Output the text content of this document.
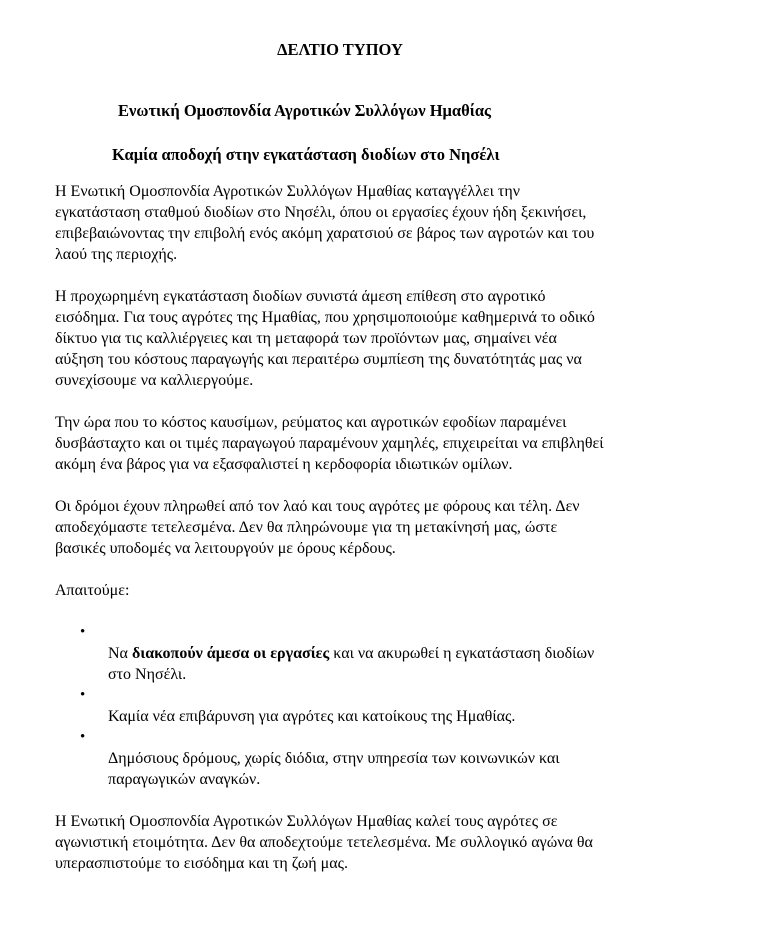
ΔΕΛΤΙΟ ΤΥΠΟΥ
Ενωτική Ομοσπονδία Αγροτικών Συλλόγων Ημαθίας
Καμία αποδοχή στην εγκατάσταση διοδίων στο Νησέλι

Η Ενωτική Ομοσπονδία Αγροτικών Συλλόγων Ημαθίας καταγγέλλει την
εγκατάσταση σταθμού διοδίων στο Νησέλι, όπου οι εργασίες έχουν ήδη ξεκινήσει,
επιβεβαιώνοντας την επιβολή ενός ακόμη χαρατσιού σε βάρος των αγροτών και του
λαού της περιοχής.

Η προχωρημένη εγκατάσταση διοδίων συνιστά άμεση επίθεση στο αγροτικό
εισόδημα. Για τους αγρότες της Ημαθίας, που χρησιμοποιούμε καθημερινά το οδικό
δίκτυο για τις καλλιέργειες και τη μεταφορά των προϊόντων μας, σημαίνει νέα
αύξηση του κόστους παραγωγής και περαιτέρω συμπίεση της δυνατότητάς μας να
συνεχίσουμε να καλλιεργούμε.

Την ώρα που το κόστος καυσίμων, ρεύματος και αγροτικών εφοδίων παραμένει
δυσβάσταχτο και οι τιμές παραγωγού παραμένουν χαμηλές, επιχειρείται να επιβληθεί
ακόμη ένα βάρος για να εξασφαλιστεί η κερδοφορία ιδιωτικών ομίλων.

Οι δρόμοι έχουν πληρωθεί από τον λαό και τους αγρότες με φόρους και τέλη. Δεν
αποδεχόμαστε τετελεσμένα. Δεν θα πληρώνουμε για τη μετακίνησή μας, ώστε
βασικές υποδομές να λειτουργούν με όρους κέρδους.

Απαιτούμε:

•
Να διακοπούν άμεσα οι εργασίες και να ακυρωθεί η εγκατάσταση διοδίων
στο Νησέλι.

•
Καμία νέα επιβάρυνση για αγρότες και κατοίκους της Ημαθίας.

•
Δημόσιους δρόμους, χωρίς διόδια, στην υπηρεσία των κοινωνικών και
παραγωγικών αναγκών.

Η Ενωτική Ομοσπονδία Αγροτικών Συλλόγων Ημαθίας καλεί τους αγρότες σε
αγωνιστική ετοιμότητα. Δεν θα αποδεχτούμε τετελεσμένα. Με συλλογικό αγώνα θα
υπερασπιστούμε το εισόδημα και τη ζωή μας.
